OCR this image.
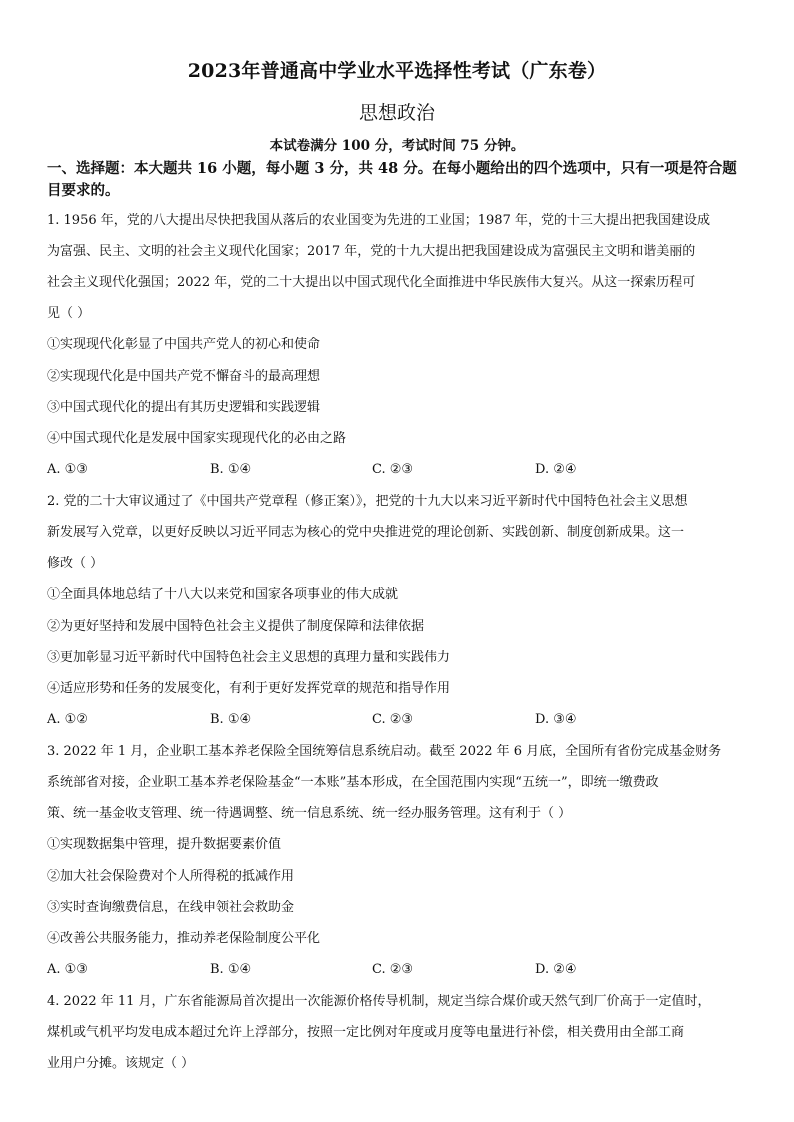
2023年普通高中学业水平选择性考试（广东卷）
思想政治
本试卷满分 100 分，考试时间 75 分钟。
一、选择题：本大题共 16 小题，每小题 3 分，共 48 分。在每小题给出的四个选项中，只有一项是符合题目要求的。
1. 1956 年，党的八大提出尽快把我国从落后的农业国变为先进的工业国；1987 年，党的十三大提出把我国建设成
为富强、民主、文明的社会主义现代化国家；2017 年，党的十九大提出把我国建设成为富强民主文明和谐美丽的
社会主义现代化强国；2022 年，党的二十大提出以中国式现代化全面推进中华民族伟大复兴。从这一探索历程可
见（ ）
①实现现代化彰显了中国共产党人的初心和使命
②实现现代化是中国共产党不懈奋斗的最高理想
③中国式现代化的提出有其历史逻辑和实践逻辑
④中国式现代化是发展中国家实现现代化的必由之路
A. ①③	B. ①④	C. ②③	D. ②④
2. 党的二十大审议通过了《中国共产党章程（修正案）》，把党的十九大以来习近平新时代中国特色社会主义思想
新发展写入党章，以更好反映以习近平同志为核心的党中央推进党的理论创新、实践创新、制度创新成果。这一
修改（ ）
①全面具体地总结了十八大以来党和国家各项事业的伟大成就
②为更好坚持和发展中国特色社会主义提供了制度保障和法律依据
③更加彰显习近平新时代中国特色社会主义思想的真理力量和实践伟力
④适应形势和任务的发展变化，有利于更好发挥党章的规范和指导作用
A. ①②	B. ①④	C. ②③	D. ③④
3. 2022 年 1 月，企业职工基本养老保险全国统筹信息系统启动。截至 2022 年 6 月底，全国所有省份完成基金财务
系统部省对接，企业职工基本养老保险基金“一本账”基本形成，在全国范围内实现“五统一”，即统一缴费政
策、统一基金收支管理、统一待遇调整、统一信息系统、统一经办服务管理。这有利于（ ）
①实现数据集中管理，提升数据要素价值
②加大社会保险费对个人所得税的抵减作用
③实时查询缴费信息，在线申领社会救助金
④改善公共服务能力，推动养老保险制度公平化
A. ①③	B. ①④	C. ②③	D. ②④
4. 2022 年 11 月，广东省能源局首次提出一次能源价格传导机制，规定当综合煤价或天然气到厂价高于一定值时，
煤机或气机平均发电成本超过允许上浮部分，按照一定比例对年度或月度等电量进行补偿，相关费用由全部工商
业用户分摊。该规定（ ）
